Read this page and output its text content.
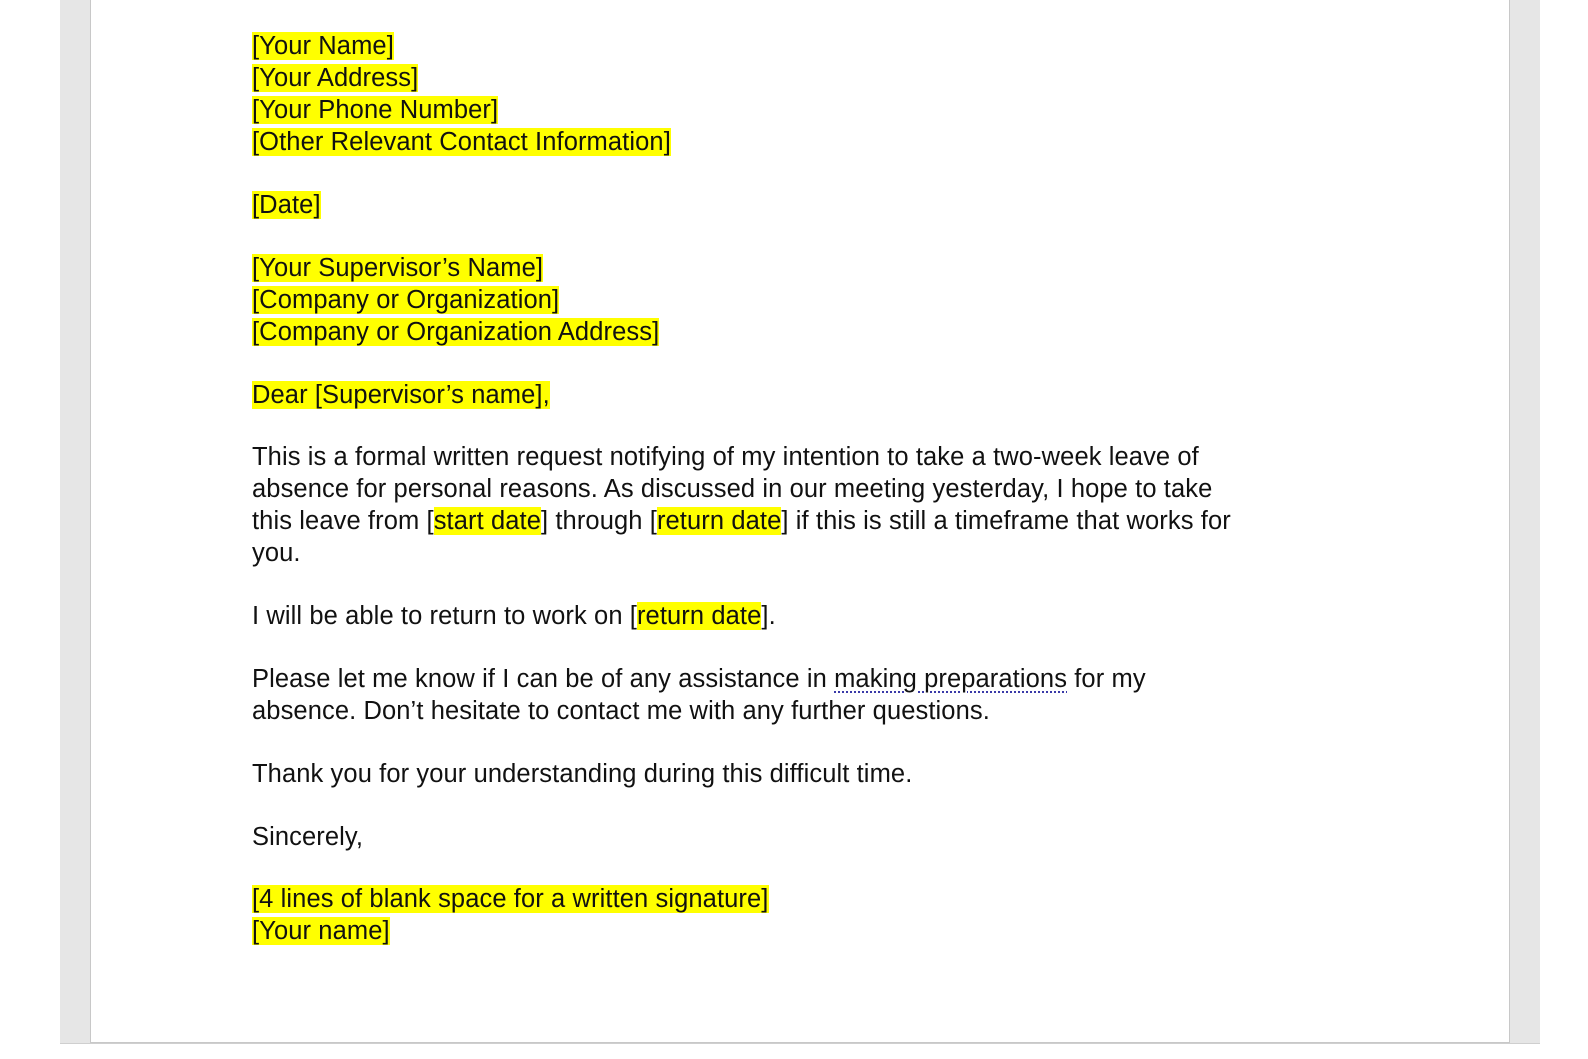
[Your Name]
[Your Address]
[Your Phone Number]
[Other Relevant Contact Information]
[Date]
[Your Supervisor’s Name]
[Company or Organization]
[Company or Organization Address]
Dear [Supervisor’s name],
This is a formal written request notifying of my intention to take a two-week leave of
absence for personal reasons. As discussed in our meeting yesterday, I hope to take
this leave from [start date] through [return date] if this is still a timeframe that works for
you.
I will be able to return to work on [return date].
Please let me know if I can be of any assistance in making preparations for my
absence. Don’t hesitate to contact me with any further questions.
Thank you for your understanding during this difficult time.
Sincerely,
[4 lines of blank space for a written signature]
[Your name]
